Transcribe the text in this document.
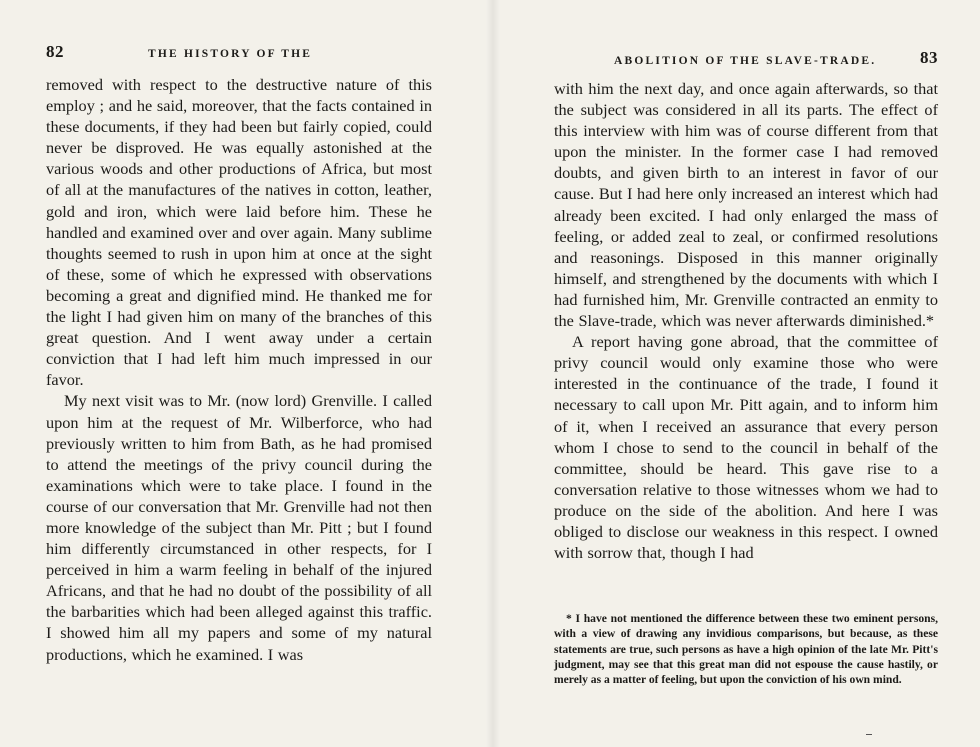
82	THE HISTORY OF THE

removed with respect to the destructive nature of this employ ; and he said, moreover, that the facts contained in these documents, if they had been but fairly copied, could never be disproved. He was equally astonished at the various woods and other productions of Africa, but most of all at the manufactures of the natives in cotton, leather, gold and iron, which were laid before him. These he handled and examined over and over again. Many sublime thoughts seemed to rush in upon him at once at the sight of these, some of which he expressed with observations becoming a great and dignified mind. He thanked me for the light I had given him on many of the branches of this great question. And I went away under a certain conviction that I had left him much impressed in our favor.

My next visit was to Mr. (now lord) Grenville. I called upon him at the request of Mr. Wilberforce, who had previously written to him from Bath, as he had promised to attend the meetings of the privy council during the examinations which were to take place. I found in the course of our conversation that Mr. Grenville had not then more knowledge of the subject than Mr. Pitt ; but I found him differently circumstanced in other respects, for I perceived in him a warm feeling in behalf of the injured Africans, and that he had no doubt of the possibility of all the barbarities which had been alleged against this traffic. I showed him all my papers and some of my natural productions, which he examined. I was

ABOLITION OF THE SLAVE-TRADE.	83

with him the next day, and once again afterwards, so that the subject was considered in all its parts. The effect of this interview with him was of course different from that upon the minister. In the former case I had removed doubts, and given birth to an interest in favor of our cause. But I had here only increased an interest which had already been excited. I had only enlarged the mass of feeling, or added zeal to zeal, or confirmed resolutions and reasonings. Disposed in this manner originally himself, and strengthened by the documents with which I had furnished him, Mr. Grenville contracted an enmity to the Slave-trade, which was never afterwards diminished.*

A report having gone abroad, that the committee of privy council would only examine those who were interested in the continuance of the trade, I found it necessary to call upon Mr. Pitt again, and to inform him of it, when I received an assurance that every person whom I chose to send to the council in behalf of the committee, should be heard. This gave rise to a conversation relative to those witnesses whom we had to produce on the side of the abolition. And here I was obliged to disclose our weakness in this respect. I owned with sorrow that, though I had

* I have not mentioned the difference between these two eminent persons, with a view of drawing any invidious comparisons, but because, as these statements are true, such persons as have a high opinion of the late Mr. Pitt's judgment, may see that this great man did not espouse the cause hastily, or merely as a matter of feeling, but upon the conviction of his own mind.
